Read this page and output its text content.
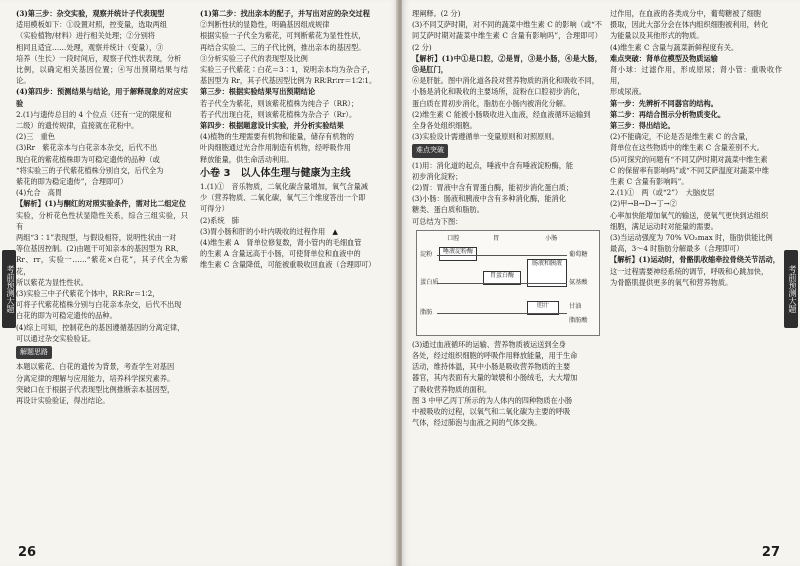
(3)第三步：杂交实验，观察并统计子代表现型

适用模板如下：①设置对照，控变量，选取两组

（实验植物/材料）进行相关处理；②分别将

相同且适宜……处理，观察并统计（变量），③

培养（生长）一段时间后，观察子代性状表现，分析

比例，以确定相关基因位置；④写出预期结果与结论。

(4)第四步：预测结果与结论，用于解释现象的对应实验

2.(1)与遗传总目的 4 个位点（还有一定的限度和

二级）的遗传规律，直接就在花粉中。

(2)三　重色

(3)Rr　紫花亲本与白花亲本杂交，后代不出

现白花的紫花植株即为可稳定遗传的品种（或

“将实验三的子代紫花植株分别自交，后代全为

紫花的即为稳定遗传”，合理即可）

(4)允合　高胃

【解析】(1)与酮红的对照实验条件，需对比二组定位

实验，分析花色性状显隐性关系，综合三组实验，只有

两组“3∶1”表现型，与假设相符，说明性状由一对

等位基因控制。(2)由题干可知亲本的基因型为 RR、

Rr、rr，实验一……“紫花×白花”，其子代全为紫花，

所以紫花为显性性状。

(3)实验三中子代紫花个体中，RR∶Rr＝1∶2，

可将子代紫花植株分别与白花亲本杂交，后代不出现

白花的即为可稳定遗传的品种。

(4)综上可知，控制花色的基因遵循基因的分离定律，

可以通过杂交实验验证。

解题思路

本题以紫花、白花的遗传为背景，考查学生对基因

分离定律的理解与应用能力，培养科学探究素养。

突破口在于根据子代表现型比例推断亲本基因型，

再设计实验验证，得出结论。

(1)第二步：找出亲本的配子，并写出对应的杂交过程

②判断性状的显隐性，明确基因组成规律

根据实验一子代全为紫花，可判断紫花为显性性状，

再结合实验二、三的子代比例，推出亲本的基因型。

③分析实验三子代的表现型及比例

实验三子代紫花∶白花＝3∶1，说明亲本均为杂合子，

基因型为 Rr，其子代基因型比例为 RR∶Rr∶rr＝1∶2∶1。

第三步：根据实验结果写出预期结论

若子代全为紫花，则该紫花植株为纯合子（RR）；

若子代出现白花，则该紫花植株为杂合子（Rr）。

第四步：根据题意设计实验，并分析实验结果

(4)植物的生理需要有机物和能量，储存有机物的

叶肉细胞通过光合作用制造有机物，经呼吸作用

释放能量，供生命活动利用。

小卷 3　以人体生理与健康为主线

1.(1)①　音乐物质，二氧化碳含量增加，氧气含量减

少（营养物质、二氧化碳，氧气三个维度答出一个即

可得分）

(2)系统　肺

(3)胃小肠和肝的小叶内吸收的过程作用　▲

(4)维生素 A　肾单位修复数，肾小管内的毛细血管

的生素 A 含量远高于小肠，可使肾单位和血液中的

维生素 C 含量降低，可能被重吸收回血液（合理即可）

考前预测大题
26

理阐释。(2 分)

(3)不同艾萨时期，对不同的蔬菜中维生素 C 的影响（或“不同艾萨时期对蔬菜中维生素 C 含量有影响吗”，合理即可）(2 分)

【解析】(1)中①是口腔，②是胃，③是小肠，④是大肠，⑤是肛门，

⑥是肝脏。图中消化道各段对营养物质的消化和吸收不同，

小肠是消化和吸收的主要场所，淀粉在口腔初步消化，

蛋白质在胃初步消化，脂肪在小肠内被消化分解。

(2)维生素 C 能被小肠吸收进入血液，经血液循环运输到

全身各处组织细胞。

(3)实验设计需遵循单一变量原则和对照原则。

难点突破

(1)用：消化道的起点，唾液中含有唾液淀粉酶，能

初步消化淀粉；

(2)胃：胃液中含有胃蛋白酶，能初步消化蛋白质；

(3)小肠：肠液和胰液中含有多种消化酶，能消化

糖类、蛋白质和脂肪。

可总结为下图：

口腔	胃	小肠
淀粉
蛋白质
脂肪
唾液淀粉酶
胃蛋白酶
肠液和胰液
胆汁
葡萄糖
氨基酸
甘油
脂肪酸

(3)通过血液循环的运输、营养物质被运送到全身

各处，经过组织细胞的呼吸作用释放能量，用于生命

活动，维持体温，其中小肠是吸收营养物质的主要

器官，其内表面有大量的皱襞和小肠绒毛，大大增加

了吸收营养物质的面积。

图 3 中甲乙丙丁所示的为人体内的四种物质在小肠

中被吸收的过程，以氧气和二氧化碳为主要的呼吸

气体，经过肺泡与血液之间的气体交换。

过作用，在血液的各类成分中，葡萄糖被了细胞

摄取，因此大部分会在体内组织细胞被利用，转化

为能量以及其他形式的物质。

(4)维生素 C 含量与蔬菜新鲜程度有关。

难点突破：肾单位模型及物质运输

肾小球：过滤作用，形成原尿；肾小管：重吸收作用，

形成尿液。

第一步：先辨析不同器官的结构。

第二步：再结合图示分析物质变化。

第三步：得出结论。

(2)不能确定，不论是否是维生素 C 的含量，

肾单位在这些物质中的维生素 C 含量差别不大。

(5)可探究的问题有“不同艾萨时期对蔬菜中维生素

C 的保留率有影响吗”或“不同艾萨温度对蔬菜中维

生素 C 含量有影响吗”。

2.(1)①　两（或“2”）　大脑皮层

(2)甲→B→D→丁→②

心率加快能增加氧气的输送，使氧气更快到达组织

细胞，满足运动时对能量的需要。

(3)当运动强度为 70% VO₂max 时，脂肪供能比例

最高，3～4 时脂肪分解最多（合理即可）

【解析】(1)运动时，骨骼肌收缩牵拉骨绕关节活动，

这一过程需要神经系统的调节，呼吸和心跳加快，

为骨骼肌提供更多的氧气和营养物质。	考前预测大题
27
